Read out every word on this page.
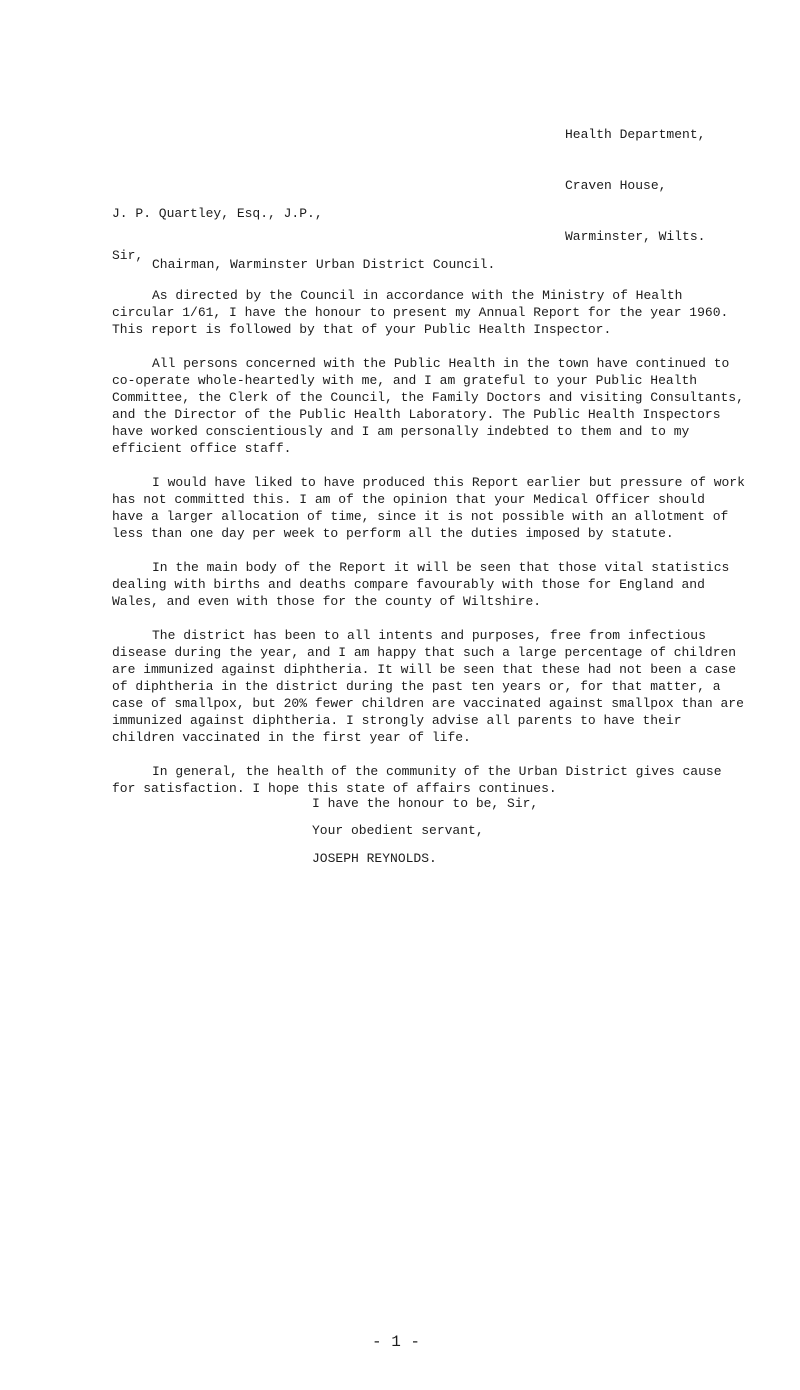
Health Department,

Craven House,

Warminster, Wilts.

J. P. Quartley, Esq., J.P.,

Chairman, Warminster Urban District Council.

Sir,

As directed by the Council in accordance with the Ministry of Health
circular 1/61, I have the honour to present my Annual Report for the year 1960.
This report is followed by that of your Public Health Inspector.

All persons concerned with the Public Health in the town have continued to
co-operate whole-heartedly with me, and I am grateful to your Public Health
Committee, the Clerk of the Council, the Family Doctors and visiting Consultants,
and the Director of the Public Health Laboratory. The Public Health Inspectors
have worked conscientiously and I am personally indebted to them and to my
efficient office staff.

I would have liked to have produced this Report earlier but pressure of work
has not committed this. I am of the opinion that your Medical Officer should
have a larger allocation of time, since it is not possible with an allotment of
less than one day per week to perform all the duties imposed by statute.

In the main body of the Report it will be seen that those vital statistics
dealing with births and deaths compare favourably with those for England and
Wales, and even with those for the county of Wiltshire.

The district has been to all intents and purposes, free from infectious
disease during the year, and I am happy that such a large percentage of children
are immunized against diphtheria. It will be seen that these had not been a case
of diphtheria in the district during the past ten years or, for that matter, a
case of smallpox, but 20% fewer children are vaccinated against smallpox than are
immunized against diphtheria. I strongly advise all parents to have their
children vaccinated in the first year of life.

In general, the health of the community of the Urban District gives cause
for satisfaction. I hope this state of affairs continues.

I have the honour to be, Sir,
Your obedient servant,
JOSEPH REYNOLDS.
- 1 -
